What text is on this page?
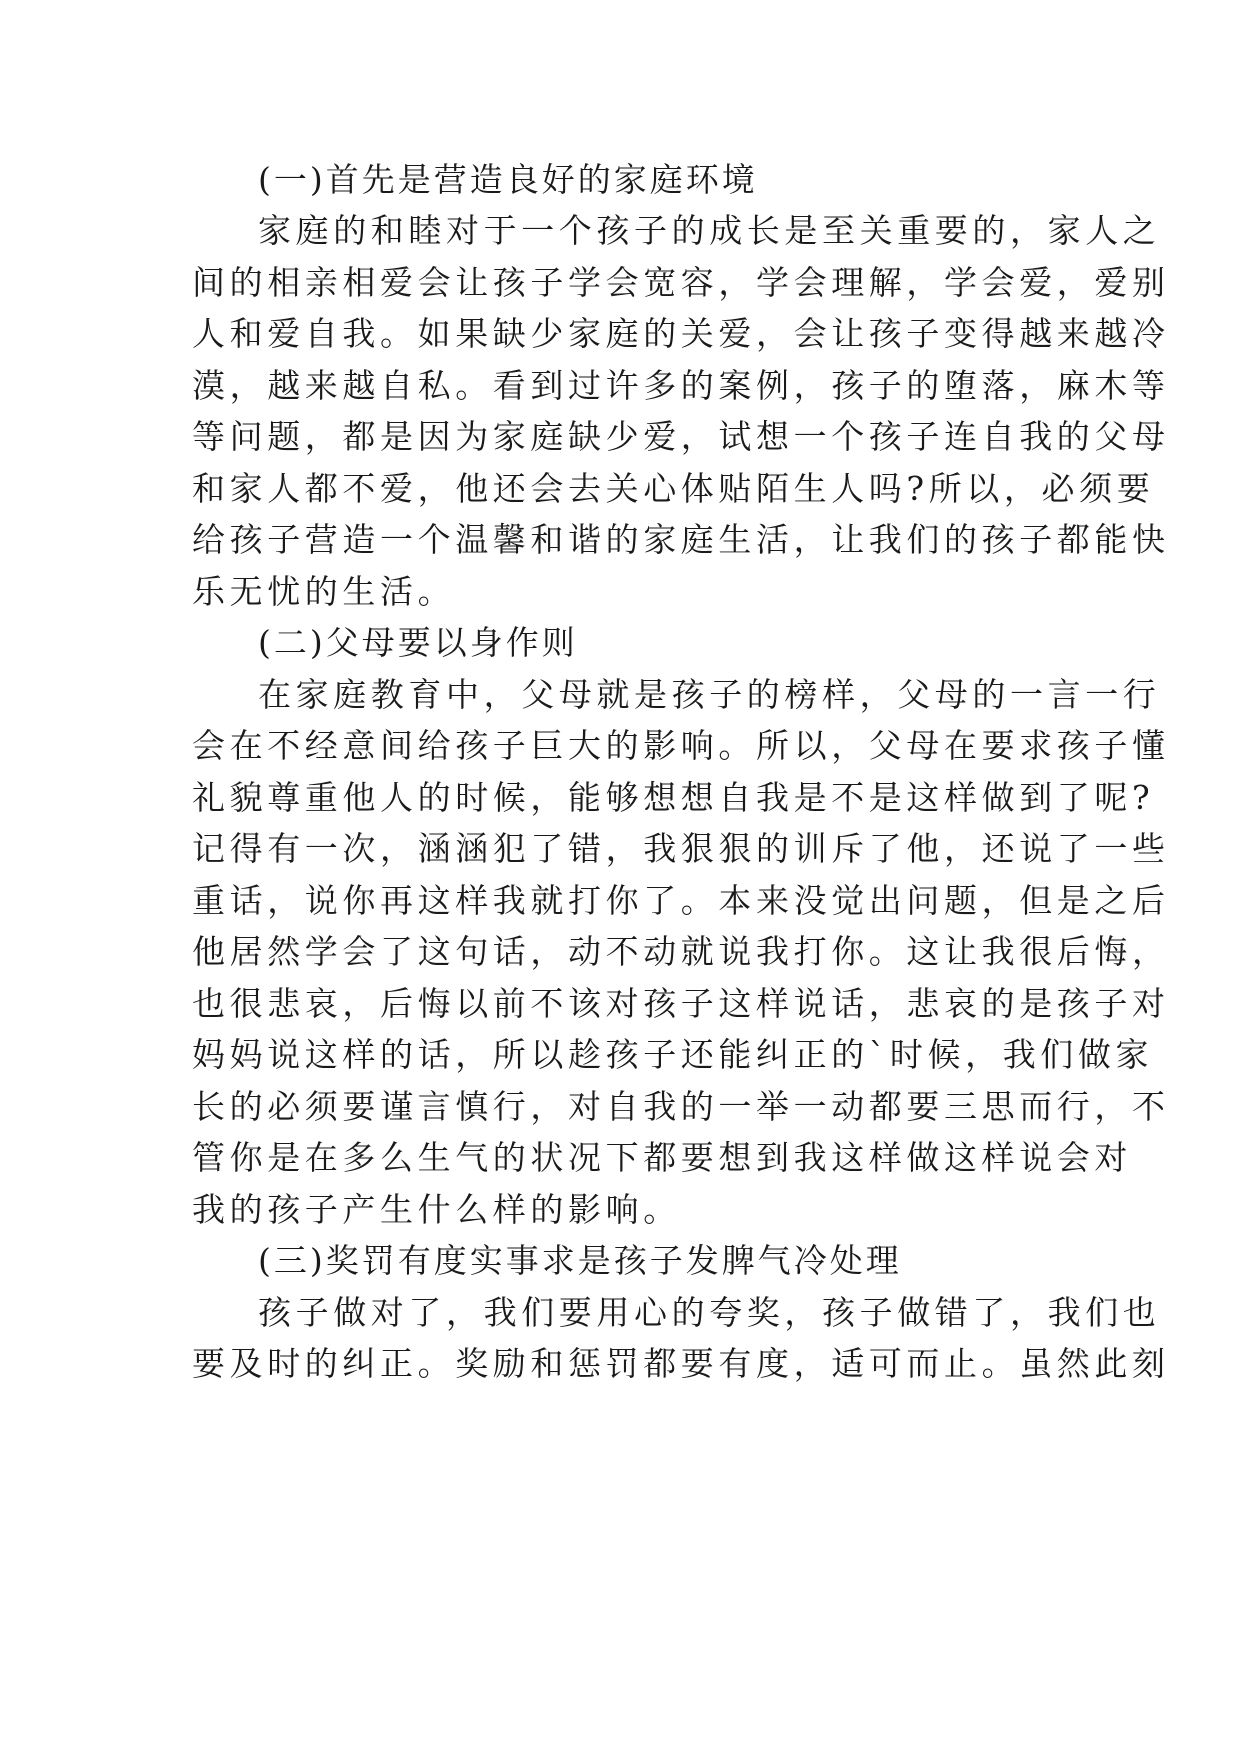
(一)首先是营造良好的家庭环境
家庭的和睦对于一个孩子的成长是至关重要的，家人之
间的相亲相爱会让孩子学会宽容，学会理解，学会爱，爱别
人和爱自我。如果缺少家庭的关爱，会让孩子变得越来越冷
漠，越来越自私。看到过许多的案例，孩子的堕落，麻木等
等问题，都是因为家庭缺少爱，试想一个孩子连自我的父母
和家人都不爱，他还会去关心体贴陌生人吗?所以，必须要
给孩子营造一个温馨和谐的家庭生活，让我们的孩子都能快
乐无忧的生活。
(二)父母要以身作则
在家庭教育中，父母就是孩子的榜样，父母的一言一行
会在不经意间给孩子巨大的影响。所以，父母在要求孩子懂
礼貌尊重他人的时候，能够想想自我是不是这样做到了呢?
记得有一次，涵涵犯了错，我狠狠的训斥了他，还说了一些
重话，说你再这样我就打你了。本来没觉出问题，但是之后
他居然学会了这句话，动不动就说我打你。这让我很后悔，
也很悲哀，后悔以前不该对孩子这样说话，悲哀的是孩子对
妈妈说这样的话，所以趁孩子还能纠正的`时候，我们做家
长的必须要谨言慎行，对自我的一举一动都要三思而行，不
管你是在多么生气的状况下都要想到我这样做这样说会对
我的孩子产生什么样的影响。
(三)奖罚有度实事求是孩子发脾气冷处理
孩子做对了，我们要用心的夸奖，孩子做错了，我们也
要及时的纠正。奖励和惩罚都要有度，适可而止。虽然此刻
